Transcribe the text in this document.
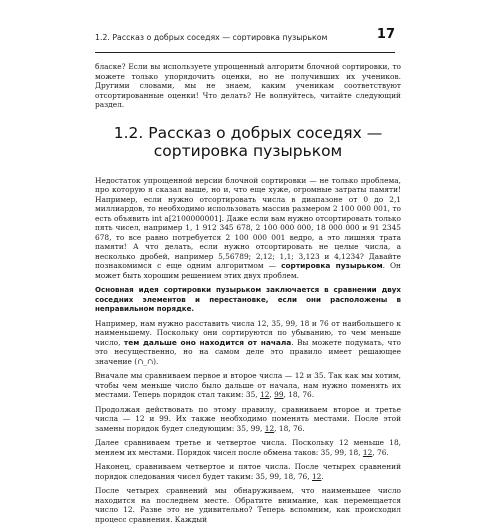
1.2. Рассказ о добрых соседях — сортировка пузырьком	17

бласке? Если вы используете упрощенный алгоритм блочной сортировки, то можете только упорядочить оценки, но не получивших их учеников. Другими словами, мы не знаем, каким ученикам соответствуют отсортированные оценки! Что делать? Не волнуйтесь, читайте следующий раздел.

1.2. Рассказ о добрых соседях —
сортировка пузырьком

Недостаток упрощенной версии блочной сортировки — не только проблема, про которую я сказал выше, но и, что еще хуже, огромные затраты памяти! Например, если нужно отсортировать числа в диапазоне от 0 до 2,1 миллиардов, то необходимо использовать массив размером 2 100 000 001, то есть объявить int a[2100000001]. Даже если вам нужно отсортировать только пять чисел, например 1, 1 912 345 678, 2 100 000 000, 18 000 000 и 91 2345 678, то все равно потребуется 2 100 000 001 ведро, а это лишняя трата памяти! А что делать, если нужно отсортировать не целые числа, а несколько дробей, например 5,56789; 2,12; 1,1; 3,123 и 4,1234? Давайте познакомимся с еще одним алгоритмом — сортировка пузырьком. Он может быть хорошим решением этих двух проблем.

Основная идея сортировки пузырьком заключается в сравнении двух соседних элементов и перестановке, если они расположены в неправильном порядке.

Например, нам нужно расставить числа 12, 35, 99, 18 и 76 от наибольшего к наименьшему. Поскольку они сортируются по убыванию, то чем меньше число, тем дальше оно находится от начала. Вы можете подумать, что это несущественно, но на самом деле это правило имеет решающее значение (∩_∩).

Вначале мы сравниваем первое и второе числа — 12 и 35. Так как мы хотим, чтобы чем меньше число было дальше от начала, нам нужно поменять их местами. Теперь порядок стал таким: 35, 12, 99, 18, 76.

Продолжая действовать по этому правилу, сравниваем второе и третье числа — 12 и 99. Их также необходимо поменять местами. После этой замены порядок будет следующим: 35, 99, 12, 18, 76.

Далее сравниваем третье и четвертое числа. Поскольку 12 меньше 18, меняем их местами. Порядок чисел после обмена таков: 35, 99, 18, 12, 76.

Наконец, сравниваем четвертое и пятое числа. После четырех сравнений порядок следования чисел будет таким: 35, 99, 18, 76, 12.

После четырех сравнений мы обнаруживаем, что наименьшее число находится на последнем месте. Обратите внимание, как перемещается число 12. Разве это не удивительно? Теперь вспомним, как происходил процесс сравнения. Каждый
